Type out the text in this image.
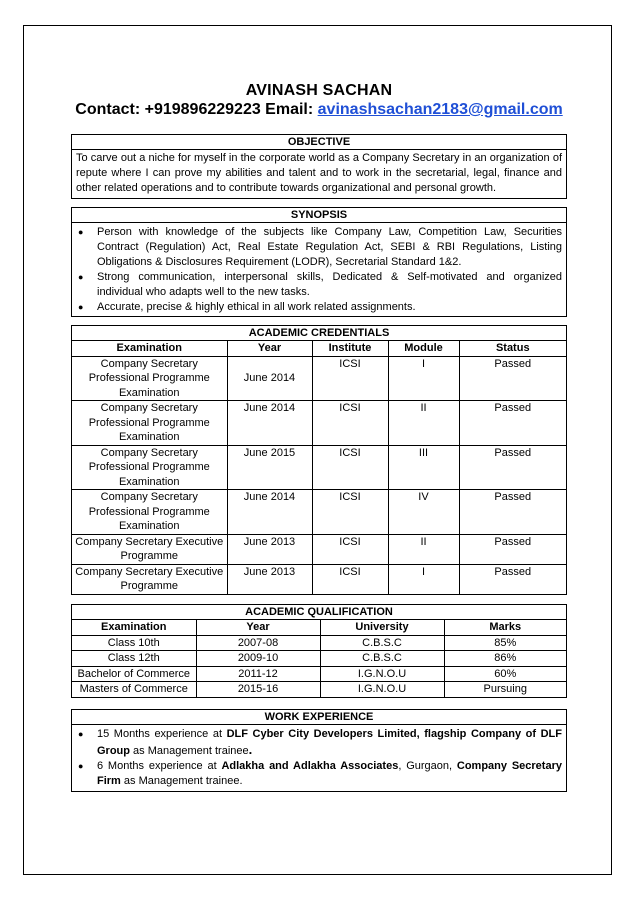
AVINASH SACHAN
Contact: +919896229223 Email: avinashsachan2183@gmail.com
OBJECTIVE
To carve out a niche for myself in the corporate world as a Company Secretary in an organization of repute where I can prove my abilities and talent and to work in the secretarial, legal, finance and other related operations and to contribute towards organizational and personal growth.
SYNOPSIS
● Person with knowledge of the subjects like Company Law, Competition Law, Securities Contract (Regulation) Act, Real Estate Regulation Act, SEBI & RBI Regulations, Listing Obligations & Disclosures Requirement (LODR), Secretarial Standard 1&2.
● Strong communication, interpersonal skills, Dedicated & Self-motivated and organized individual who adapts well to the new tasks.
● Accurate, precise & highly ethical in all work related assignments.
ACADEMIC CREDENTIALS
Examination	Year	Institute	Module	Status
Company Secretary Professional Programme Examination	June 2014	ICSI	I	Passed
Company Secretary Professional Programme Examination	June 2014	ICSI	II	Passed
Company Secretary Professional Programme Examination	June 2015	ICSI	III	Passed
Company Secretary Professional Programme Examination	June 2014	ICSI	IV	Passed
Company Secretary Executive Programme	June 2013	ICSI	II	Passed
Company Secretary Executive Programme	June 2013	ICSI	I	Passed
ACADEMIC QUALIFICATION
Examination	Year	University	Marks
Class 10th	2007-08	C.B.S.C	85%
Class 12th	2009-10	C.B.S.C	86%
Bachelor of Commerce	2011-12	I.G.N.O.U	60%
Masters of Commerce	2015-16	I.G.N.O.U	Pursuing
WORK EXPERIENCE
● 15 Months experience at DLF Cyber City Developers Limited, flagship Company of DLF Group as Management trainee.
● 6 Months experience at Adlakha and Adlakha Associates, Gurgaon, Company Secretary Firm as Management trainee.
